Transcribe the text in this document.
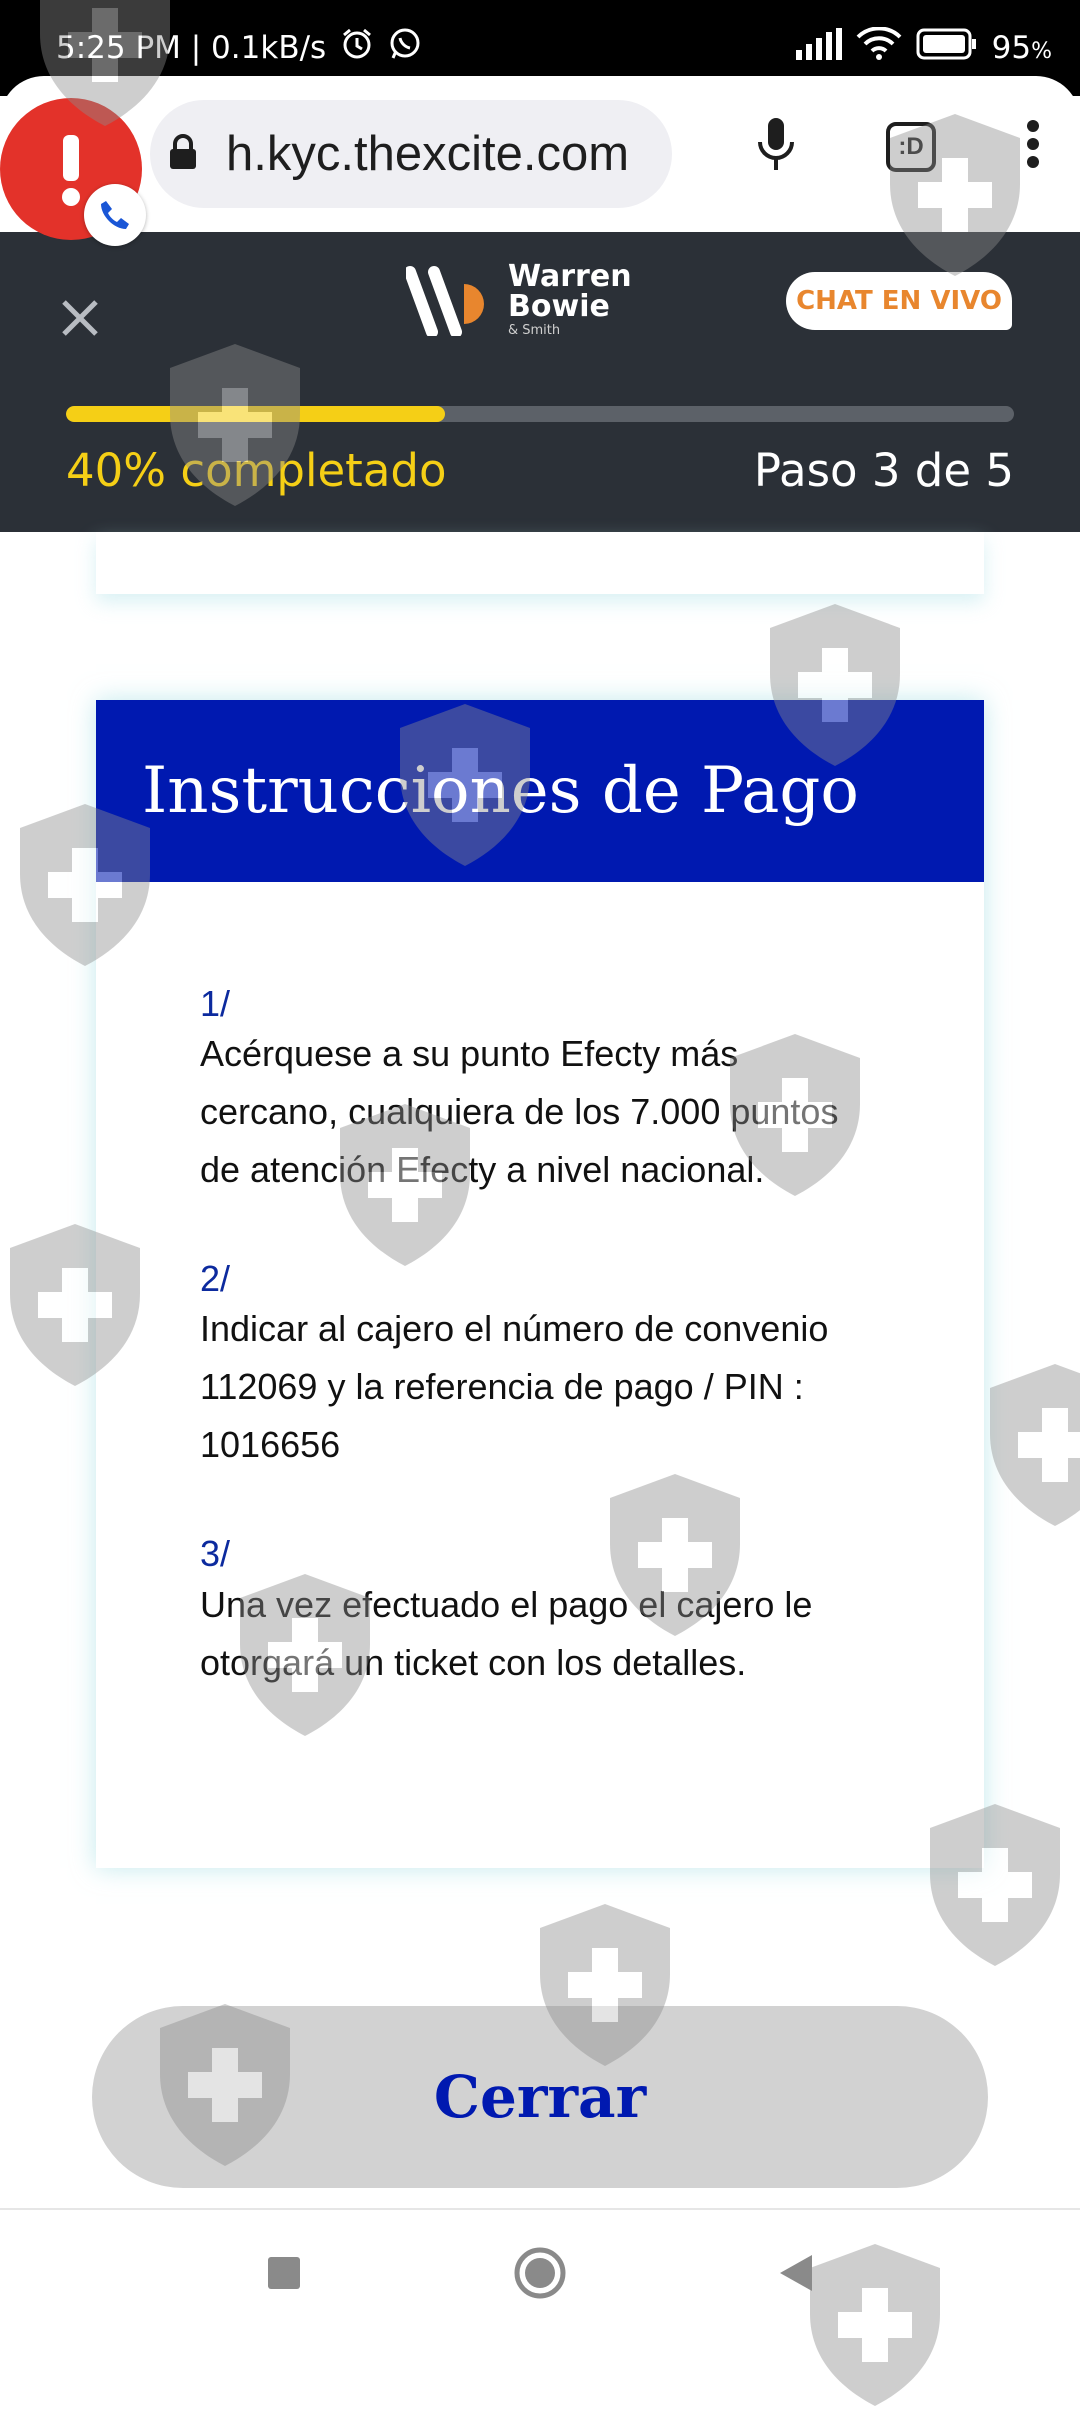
5:25 PM | 0.1kB/s	95%
h.kyc.thexcite.com	:D
Warren
Bowie
& Smith
CHAT EN VIVO
40% completado	Paso 3 de 5
Instrucciones de Pago
1/
Acérquese a su punto Efecty más cercano, cualquiera de los 7.000 puntos de atención Efecty a nivel nacional.
2/
Indicar al cajero el número de convenio 112069 y la referencia de pago / PIN : 1016656
3/
Una vez efectuado el pago el cajero le otorgará un ticket con los detalles.
Cerrar
